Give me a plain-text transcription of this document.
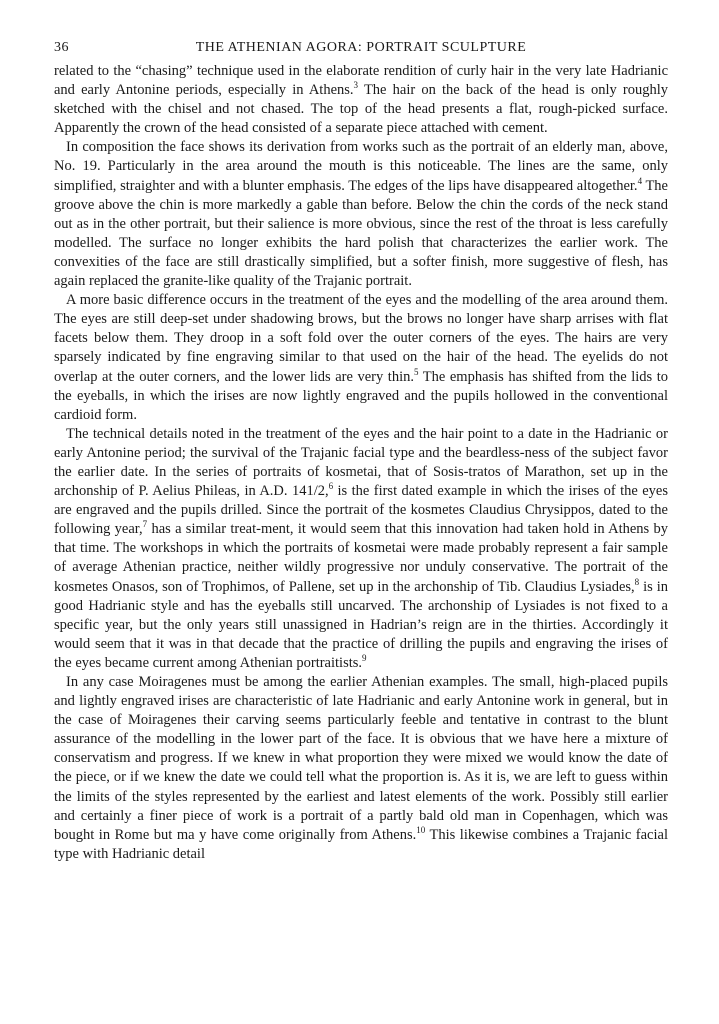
36	THE ATHENIAN AGORA: PORTRAIT SCULPTURE

related to the “chasing” technique used in the elaborate rendition of curly hair in the very late Hadrianic and early Antonine periods, especially in Athens.$^3$ The hair on the back of the head is only roughly sketched with the chisel and not chased. The top of the head presents a flat, rough-picked surface. Apparently the crown of the head consisted of a separate piece attached with cement.

In composition the face shows its derivation from works such as the portrait of an elderly man, above, No. 19. Particularly in the area around the mouth is this noticeable. The lines are the same, only simplified, straighter and with a blunter emphasis. The edges of the lips have disappeared altogether.$^4$ The groove above the chin is more markedly a gable than before. Below the chin the cords of the neck stand out as in the other portrait, but their salience is more obvious, since the rest of the throat is less carefully modelled. The surface no longer exhibits the hard polish that characterizes the earlier work. The convexities of the face are still drastically simplified, but a softer finish, more suggestive of flesh, has again replaced the granite-like quality of the Trajanic portrait.

A more basic difference occurs in the treatment of the eyes and the modelling of the area around them. The eyes are still deep-set under shadowing brows, but the brows no longer have sharp arrises with flat facets below them. They droop in a soft fold over the outer corners of the eyes. The hairs are very sparsely indicated by fine engraving similar to that used on the hair of the head. The eyelids do not overlap at the outer corners, and the lower lids are very thin.$^5$ The emphasis has shifted from the lids to the eyeballs, in which the irises are now lightly engraved and the pupils hollowed in the conventional cardioid form.

The technical details noted in the treatment of the eyes and the hair point to a date in the Hadrianic or early Antonine period; the survival of the Trajanic facial type and the beardless-ness of the subject favor the earlier date. In the series of portraits of kosmetai, that of Sosis-tratos of Marathon, set up in the archonship of P. Aelius Phileas, in A.D. 141/2,$^6$ is the first dated example in which the irises of the eyes are engraved and the pupils drilled. Since the portrait of the kosmetes Claudius Chrysippos, dated to the following year,$^7$ has a similar treat-ment, it would seem that this innovation had taken hold in Athens by that time. The workshops in which the portraits of kosmetai were made probably represent a fair sample of average Athenian practice, neither wildly progressive nor unduly conservative. The portrait of the kosmetes Onasos, son of Trophimos, of Pallene, set up in the archonship of Tib. Claudius Lysiades,$^8$ is in good Hadrianic style and has the eyeballs still uncarved. The archonship of Lysiades is not fixed to a specific year, but the only years still unassigned in Hadrian’s reign are in the thirties. Accordingly it would seem that it was in that decade that the practice of drilling the pupils and engraving the irises of the eyes became current among Athenian portraitists.$^9$

In any case Moiragenes must be among the earlier Athenian examples. The small, high-placed pupils and lightly engraved irises are characteristic of late Hadrianic and early Antonine work in general, but in the case of Moiragenes their carving seems particularly feeble and tentative in contrast to the blunt assurance of the modelling in the lower part of the face. It is obvious that we have here a mixture of conservatism and progress. If we knew in what proportion they were mixed we would know the date of the piece, or if we knew the date we could tell what the proportion is. As it is, we are left to guess within the limits of the styles represented by the earliest and latest elements of the work. Possibly still earlier and certainly a finer piece of work is a portrait of a partly bald old man in Copenhagen, which was bought in Rome but ma y have come originally from Athens.$^{10}$ This likewise combines a Trajanic facial type with Hadrianic detail
